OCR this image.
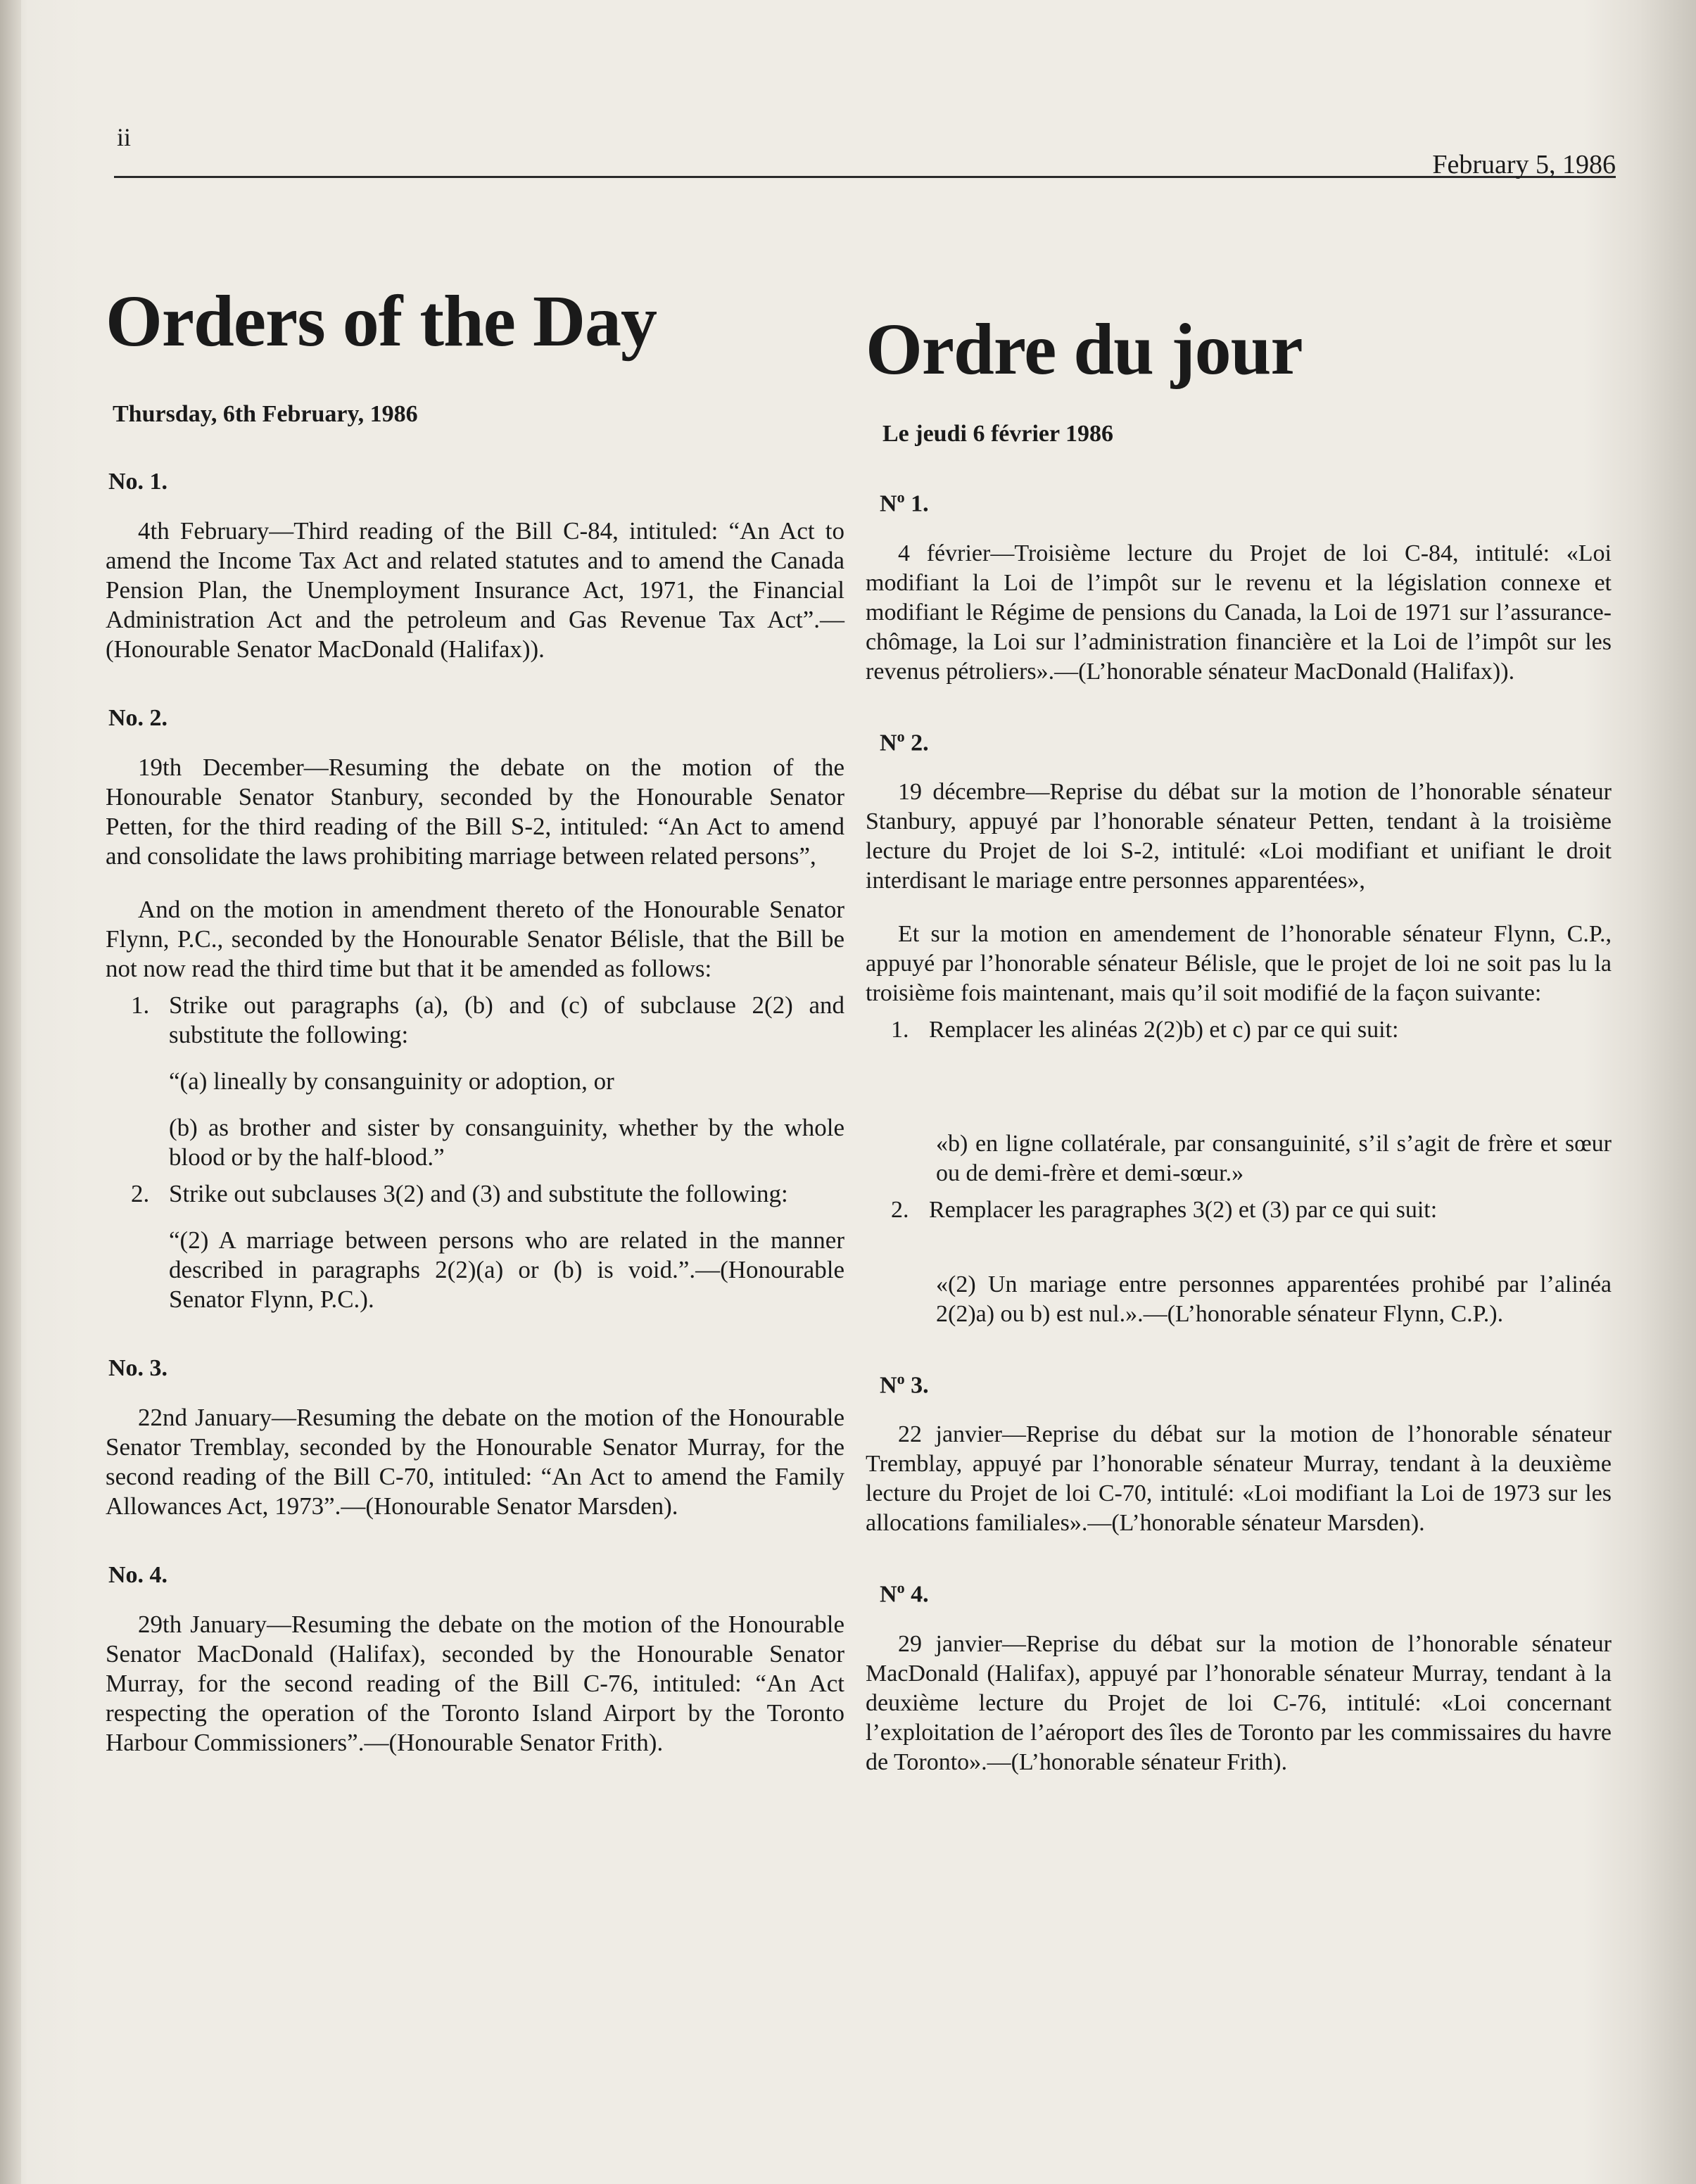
ii
February 5, 1986
Orders of the Day
Thursday, 6th February, 1986
No. 1.

4th February—Third reading of the Bill C-84, intituled: “An Act to amend the Income Tax Act and related statutes and to amend the Canada Pension Plan, the Unemployment Insurance Act, 1971, the Financial Administration Act and the petroleum and Gas Revenue Tax Act”.—(Honourable Senator MacDonald (Halifax)).

No. 2.

19th December—Resuming the debate on the motion of the Honourable Senator Stanbury, seconded by the Honourable Senator Petten, for the third reading of the Bill S-2, intituled: “An Act to amend and consolidate the laws prohibiting marriage between related persons”,

And on the motion in amendment thereto of the Honourable Senator Flynn, P.C., seconded by the Honourable Senator Bélisle, that the Bill be not now read the third time but that it be amended as follows:

1. Strike out paragraphs (a), (b) and (c) of subclause 2(2) and substitute the following:
“(a) lineally by consanguinity or adoption, or
(b) as brother and sister by consanguinity, whether by the whole blood or by the half-blood.”
2. Strike out subclauses 3(2) and (3) and substitute the following:
“(2) A marriage between persons who are related in the manner described in paragraphs 2(2)(a) or (b) is void.”.—(Honourable Senator Flynn, P.C.).
No. 3.

22nd January—Resuming the debate on the motion of the Honourable Senator Tremblay, seconded by the Honourable Senator Murray, for the second reading of the Bill C-70, intituled: “An Act to amend the Family Allowances Act, 1973”.—(Honourable Senator Marsden).

No. 4.

29th January—Resuming the debate on the motion of the Honourable Senator MacDonald (Halifax), seconded by the Honourable Senator Murray, for the second reading of the Bill C-76, intituled: “An Act respecting the operation of the Toronto Island Airport by the Toronto Harbour Commissioners”.—(Honourable Senator Frith).

Ordre du jour
Le jeudi 6 février 1986
$N^o$ 1.

4 février—Troisième lecture du Projet de loi C-84, intitulé: «Loi modifiant la Loi de l’impôt sur le revenu et la législation connexe et modifiant le Régime de pensions du Canada, la Loi de 1971 sur l’assurance-chômage, la Loi sur l’administration financière et la Loi de l’impôt sur les revenus pétroliers».—(L’honorable sénateur MacDonald (Halifax)).

$N^o$ 2.

19 décembre—Reprise du débat sur la motion de l’honorable sénateur Stanbury, appuyé par l’honorable sénateur Petten, tendant à la troisième lecture du Projet de loi S-2, intitulé: «Loi modifiant et unifiant le droit interdisant le mariage entre personnes apparentées»,

Et sur la motion en amendement de l’honorable sénateur Flynn, C.P., appuyé par l’honorable sénateur Bélisle, que le projet de loi ne soit pas lu la troisième fois maintenant, mais qu’il soit modifié de la façon suivante:

1. Remplacer les alinéas 2(2)b) et c) par ce qui suit:
«b) en ligne collatérale, par consanguinité, s’il s’agit de frère et sœur ou de demi-frère et demi-sœur.»
2. Remplacer les paragraphes 3(2) et (3) par ce qui suit:
«(2) Un mariage entre personnes apparentées prohibé par l’alinéa 2(2)a) ou b) est nul.».—(L’honorable sénateur Flynn, C.P.).
$N^o$ 3.

22 janvier—Reprise du débat sur la motion de l’honorable sénateur Tremblay, appuyé par l’honorable sénateur Murray, tendant à la deuxième lecture du Projet de loi C-70, intitulé: «Loi modifiant la Loi de 1973 sur les allocations familiales».—(L’honorable sénateur Marsden).

$N^o$ 4.

29 janvier—Reprise du débat sur la motion de l’honorable sénateur MacDonald (Halifax), appuyé par l’honorable sénateur Murray, tendant à la deuxième lecture du Projet de loi C-76, intitulé: «Loi concernant l’exploitation de l’aéroport des îles de Toronto par les commissaires du havre de Toronto».—(L’honorable sénateur Frith).
